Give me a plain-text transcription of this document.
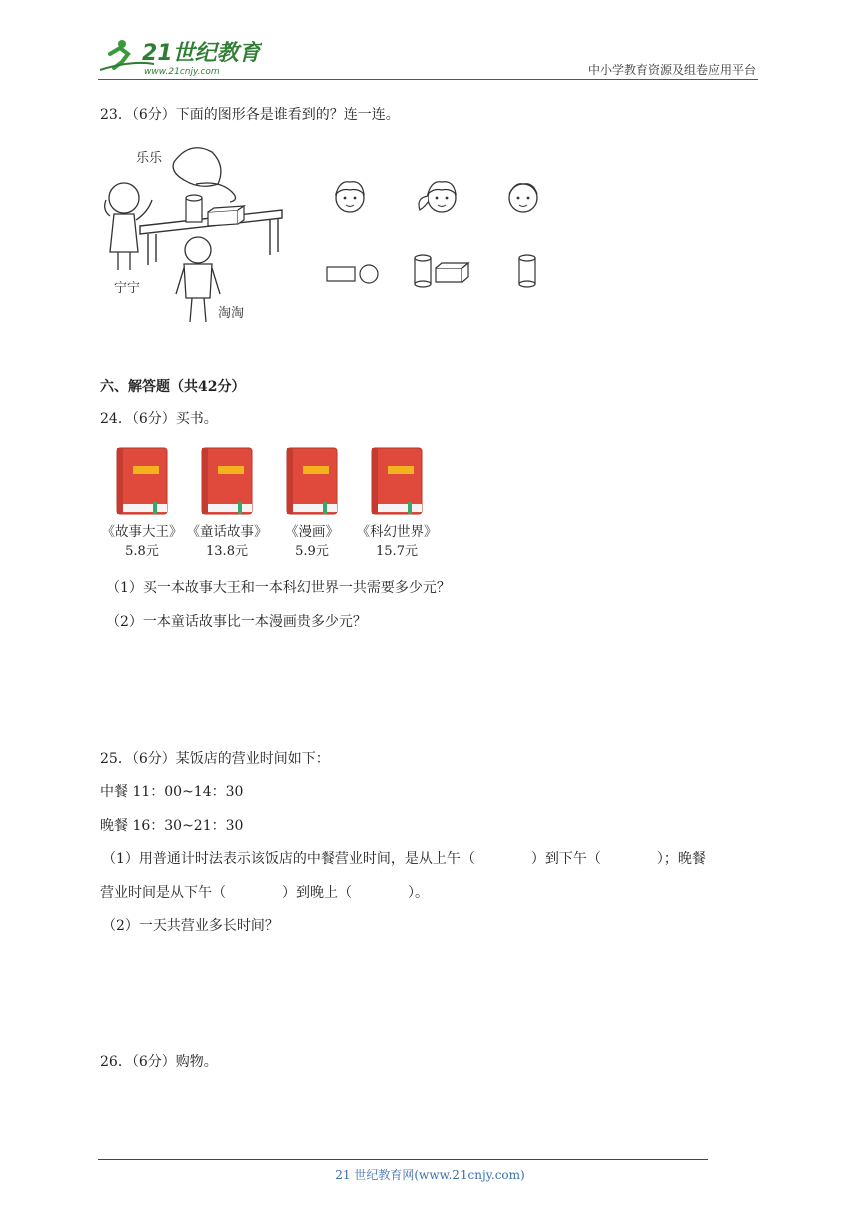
21世纪教育
www.21cnjy.com	中小学教育资源及组卷应用平台
23．（6分）下面的图形各是谁看到的？连一连。
乐乐
宁宁
淘淘
六、解答题（共42分）
24．（6分）买书。
《故事大王》
5.8元
《童话故事》
13.8元
《漫画》
5.9元
《科幻世界》
15.7元
（1）买一本故事大王和一本科幻世界一共需要多少元？
（2）一本童话故事比一本漫画贵多少元？
25．（6分）某饭店的营业时间如下：
中餐 11：00~14：30
晚餐 16：30~21：30
（1）用普通计时法表示该饭店的中餐营业时间，是从上午（　　　　）到下午（　　　　）；晚餐
营业时间是从下午（　　　　）到晚上（　　　　）。
（2）一天共营业多长时间？
26．（6分）购物。
21 世纪教育网(www.21cnjy.com)
